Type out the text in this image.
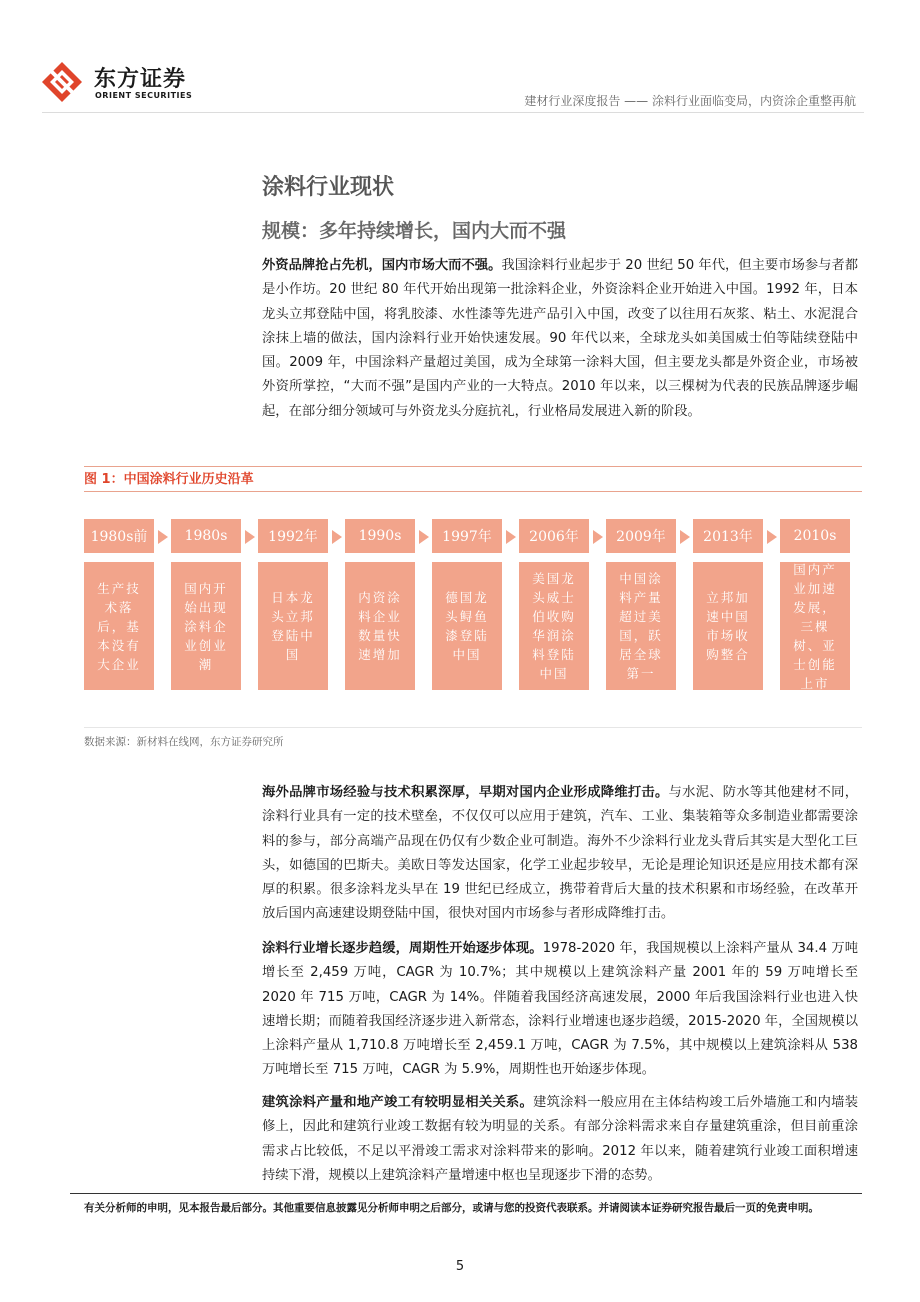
东方证券
ORIENT SECURITIES	建材行业深度报告 —— 涂料行业面临变局，内资涂企重整再航
涂料行业现状
规模：多年持续增长，国内大而不强

外资品牌抢占先机，国内市场大而不强。我国涂料行业起步于 20 世纪 50 年代，但主要市场参与者都是小作坊。20 世纪 80 年代开始出现第一批涂料企业，外资涂料企业开始进入中国。1992 年，日本龙头立邦登陆中国，将乳胶漆、水性漆等先进产品引入中国，改变了以往用石灰浆、粘土、水泥混合涂抹上墙的做法，国内涂料行业开始快速发展。90 年代以来，全球龙头如美国威士伯等陆续登陆中国。2009 年，中国涂料产量超过美国，成为全球第一涂料大国，但主要龙头都是外资企业，市场被外资所掌控，“大而不强”是国内产业的一大特点。2010 年以来，以三棵树为代表的民族品牌逐步崛起，在部分细分领域可与外资龙头分庭抗礼，行业格局发展进入新的阶段。

图 1：中国涂料行业历史沿革
1980s前
生产技术落后，基本没有大企业
1980s
国内开始出现涂料企业创业潮
1992年
日本龙头立邦登陆中国
1990s
内资涂料企业数量快速增加
1997年
德国龙头鲟鱼漆登陆中国
2006年
美国龙头威士伯收购华润涂料登陆中国
2009年
中国涂料产量超过美国，跃居全球第一
2013年
立邦加速中国市场收购整合
2010s
国内产业加速发展，三棵树、亚士创能上市
数据来源：新材料在线网，东方证券研究所

海外品牌市场经验与技术积累深厚，早期对国内企业形成降维打击。与水泥、防水等其他建材不同，涂料行业具有一定的技术壁垒，不仅仅可以应用于建筑，汽车、工业、集装箱等众多制造业都需要涂料的参与，部分高端产品现在仍仅有少数企业可制造。海外不少涂料行业龙头背后其实是大型化工巨头，如德国的巴斯夫。美欧日等发达国家，化学工业起步较早，无论是理论知识还是应用技术都有深厚的积累。很多涂料龙头早在 19 世纪已经成立，携带着背后大量的技术积累和市场经验，在改革开放后国内高速建设期登陆中国，很快对国内市场参与者形成降维打击。

涂料行业增长逐步趋缓，周期性开始逐步体现。1978-2020 年，我国规模以上涂料产量从 34.4 万吨增长至 2,459 万吨，CAGR 为 10.7%；其中规模以上建筑涂料产量 2001 年的 59 万吨增长至 2020 年 715 万吨，CAGR 为 14%。伴随着我国经济高速发展，2000 年后我国涂料行业也进入快速增长期；而随着我国经济逐步进入新常态，涂料行业增速也逐步趋缓，2015-2020 年，全国规模以上涂料产量从 1,710.8 万吨增长至 2,459.1 万吨，CAGR 为 7.5%，其中规模以上建筑涂料从 538 万吨增长至 715 万吨，CAGR 为 5.9%，周期性也开始逐步体现。

建筑涂料产量和地产竣工有较明显相关关系。建筑涂料一般应用在主体结构竣工后外墙施工和内墙装修上，因此和建筑行业竣工数据有较为明显的关系。有部分涂料需求来自存量建筑重涂，但目前重涂需求占比较低，不足以平滑竣工需求对涂料带来的影响。2012 年以来，随着建筑行业竣工面积增速持续下滑，规模以上建筑涂料产量增速中枢也呈现逐步下滑的态势。

有关分析师的申明，见本报告最后部分。其他重要信息披露见分析师申明之后部分，或请与您的投资代表联系。并请阅读本证券研究报告最后一页的免责申明。
5
